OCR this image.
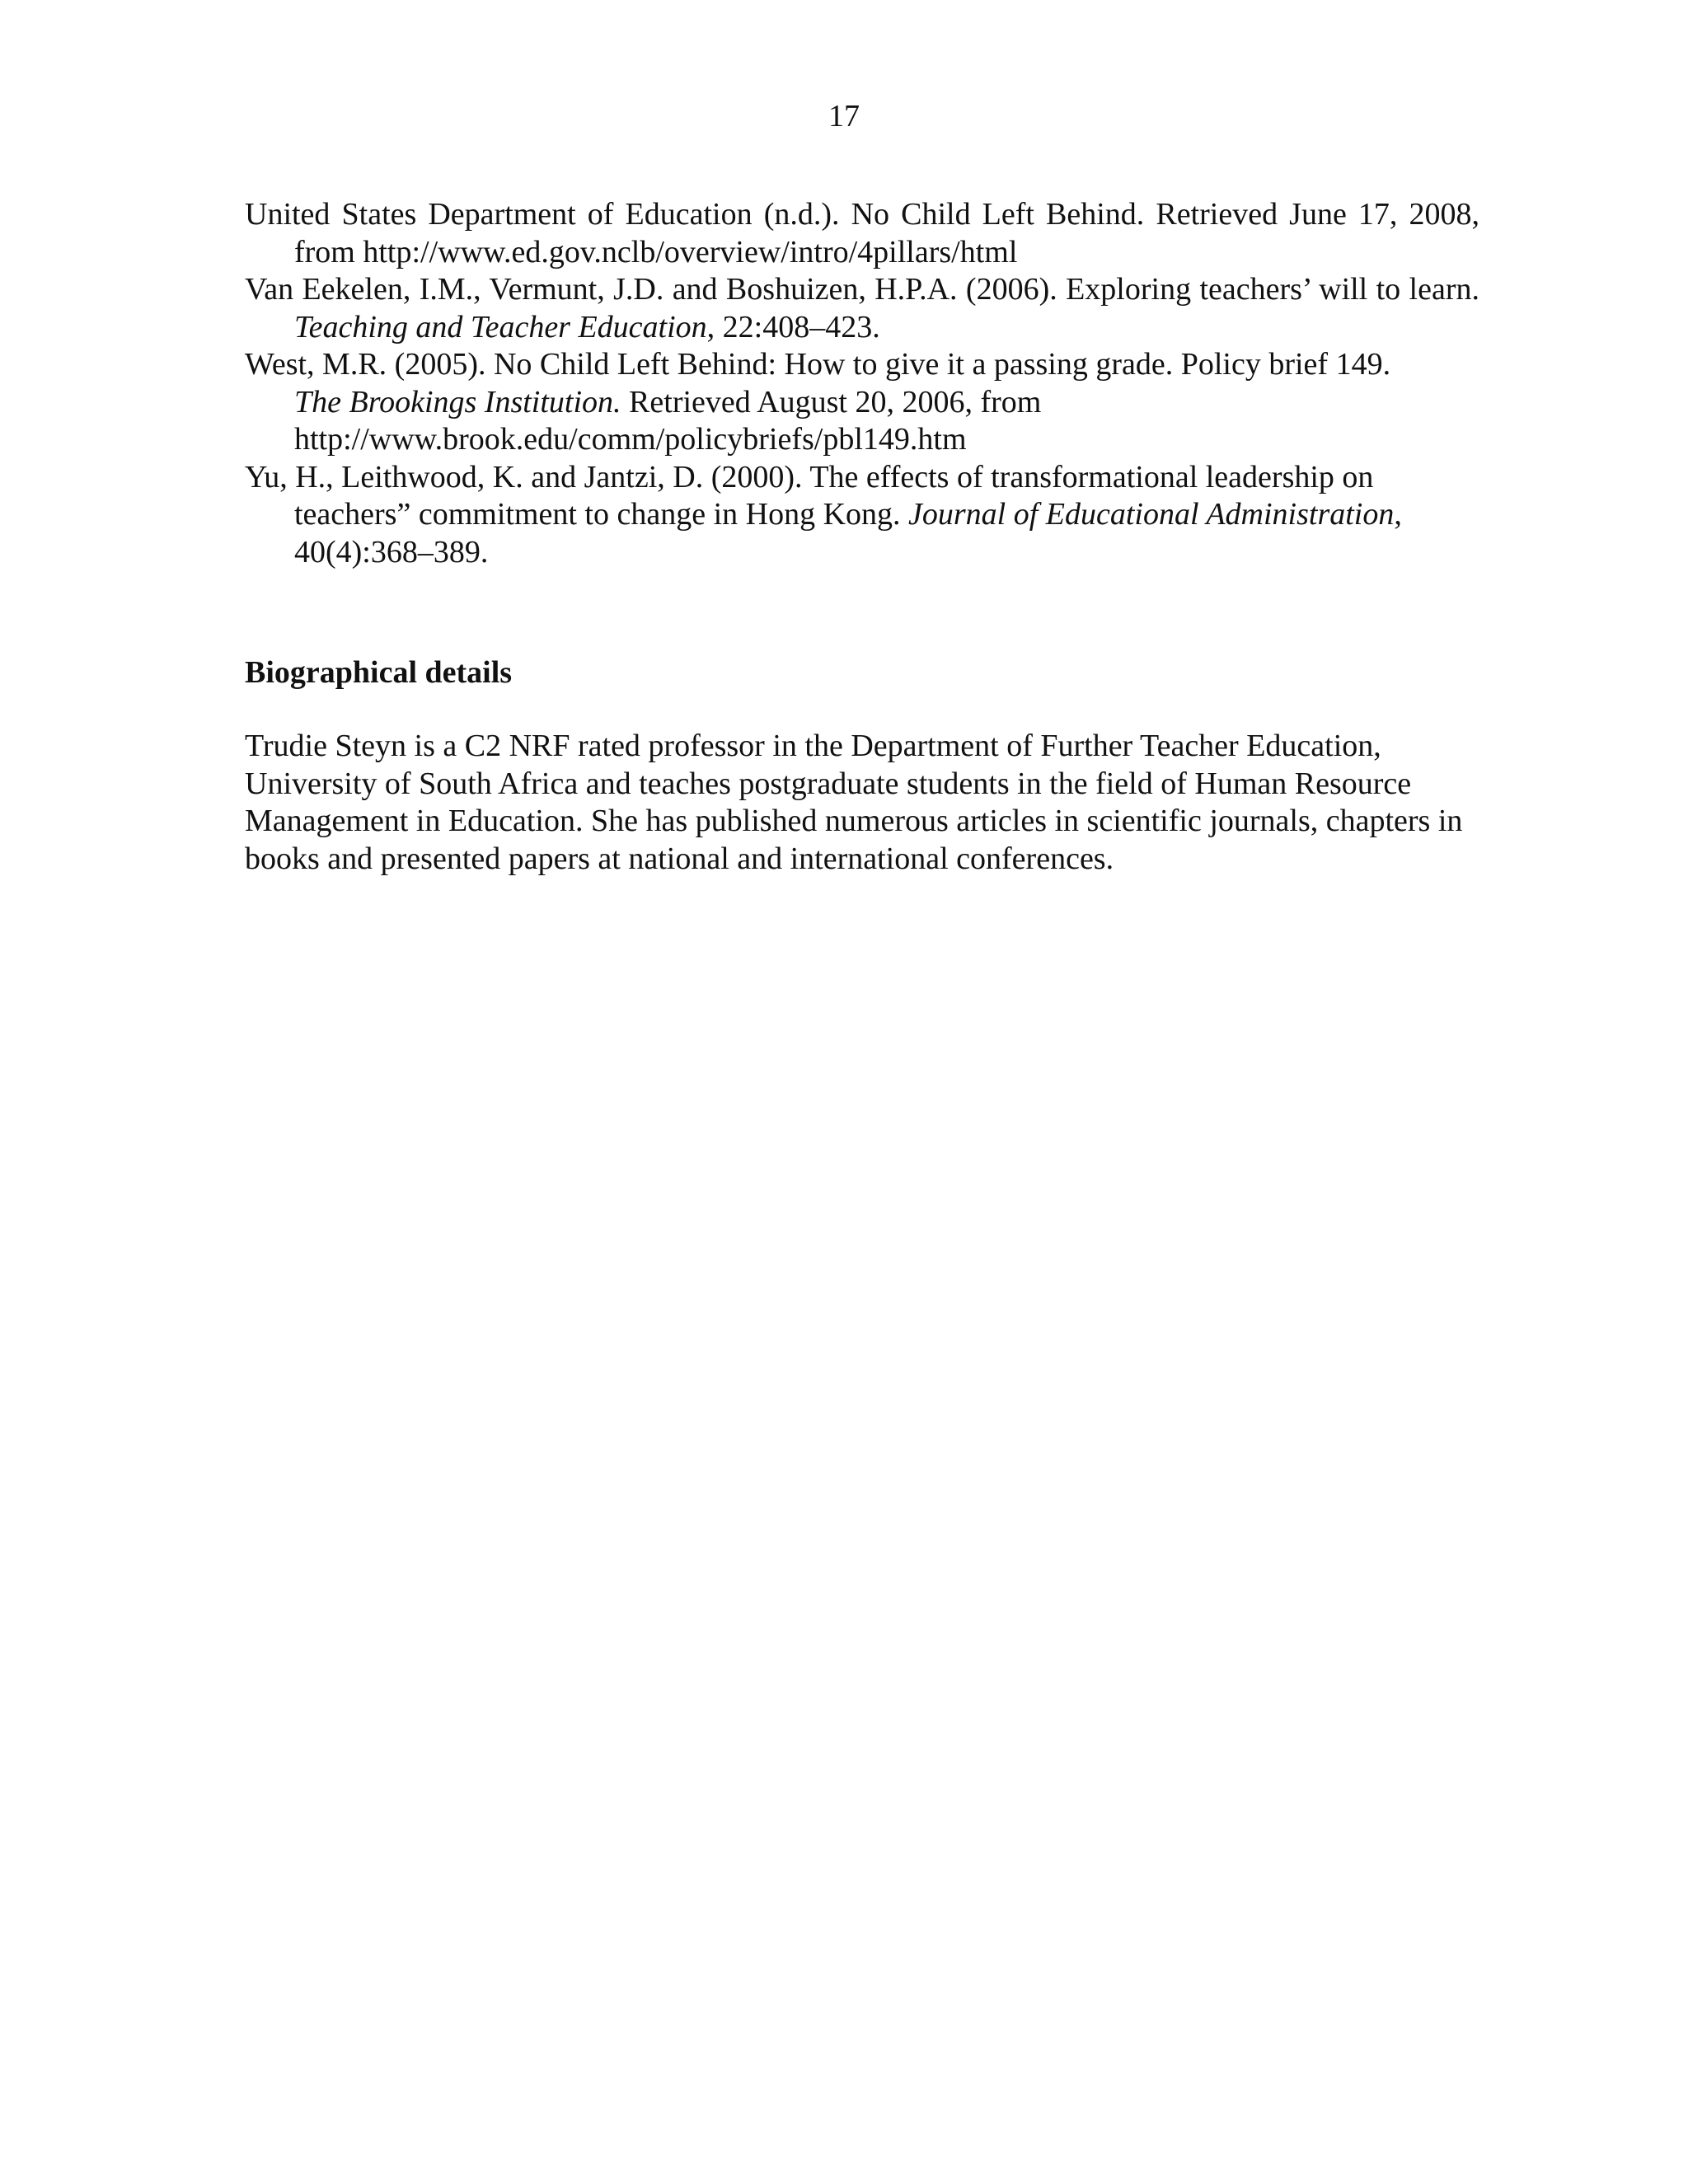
17

United States Department of Education (n.d.). No Child Left Behind. Retrieved June 17, 2008, from http://www.ed.gov.nclb/overview/intro/4pillars/html

Van Eekelen, I.M., Vermunt, J.D. and Boshuizen, H.P.A. (2006). Exploring teachers’ will to learn. Teaching and Teacher Education, 22:408–423.

West, M.R. (2005). No Child Left Behind: How to give it a passing grade. Policy brief 149.
The Brookings Institution. Retrieved August 20, 2006, from
http://www.brook.edu/comm/policybriefs/pbl149.htm

Yu, H., Leithwood, K. and Jantzi, D. (2000). The effects of transformational leadership on teachers” commitment to change in Hong Kong. Journal of Educational Administration, 40(4):368–389.

Biographical details

Trudie Steyn is a C2 NRF rated professor in the Department of Further Teacher Education, University of South Africa and teaches postgraduate students in the field of Human Resource Management in Education. She has published numerous articles in scientific journals, chapters in books and presented papers at national and international conferences.
